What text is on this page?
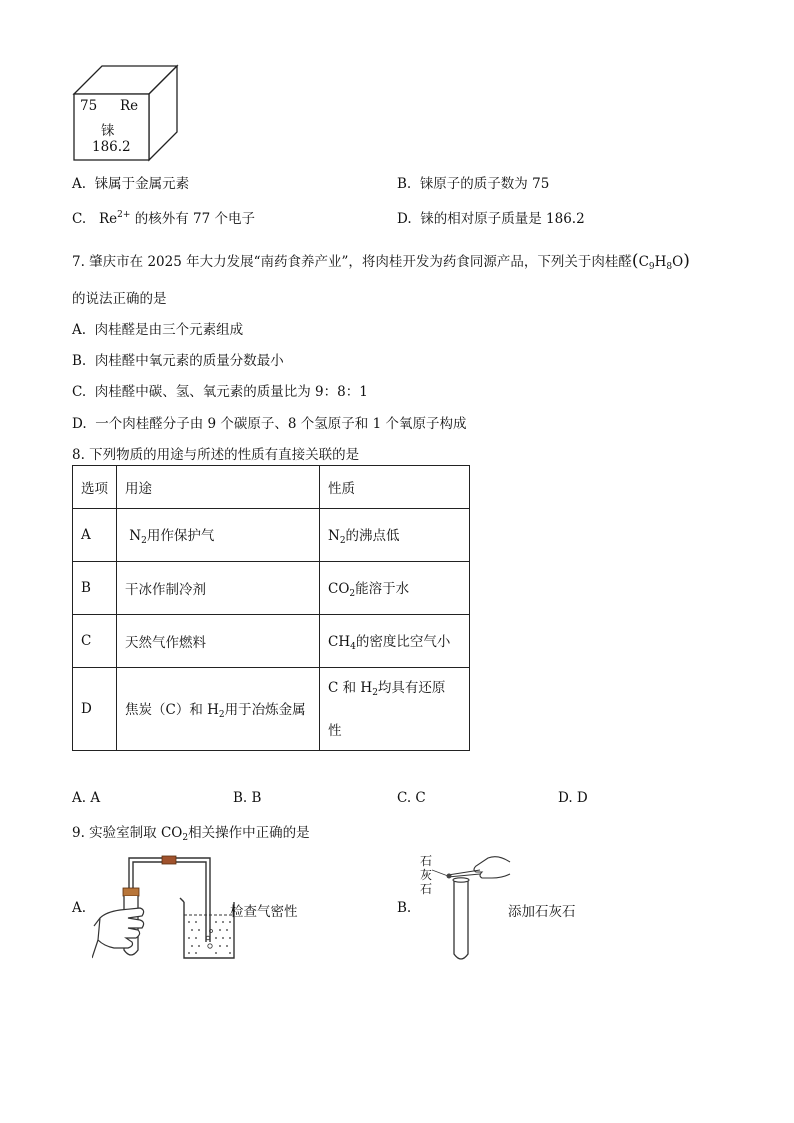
75 Re
铼
186.2
A. 铼属于金属元素	B. 铼原子的质子数为 75
C. $Re^{2+}$ 的核外有 77 个电子	D. 铼的相对原子质量是 186.2
7. 肇庆市在 2025 年大力发展“南药食养产业”，将肉桂开发为药食同源产品，下列关于肉桂醛$(C_9H_8O)$
的说法正确的是
A. 肉桂醛是由三个元素组成
B. 肉桂醛中氧元素的质量分数最小
C. 肉桂醛中碳、氢、氧元素的质量比为 9：8：1
D. 一个肉桂醛分子由 9 个碳原子、8 个氢原子和 1 个氧原子构成
8. 下列物质的用途与所述的性质有直接关联的是
选项	用途	性质
A	$N_2$用作保护气	$N_2$的沸点低
B	干冰作制冷剂	$CO_2$能溶于水
C	天然气作燃料	$CH_4$的密度比空气小
D	焦炭（C）和 $H_2$用于冶炼金属	C 和 $H_2$均具有还原
性
A. A	B. B	C. C	D. D
9. 实验室制取 $CO_2$相关操作中正确的是
A.	检查气密性	B.
石
灰
石
添加石灰石
